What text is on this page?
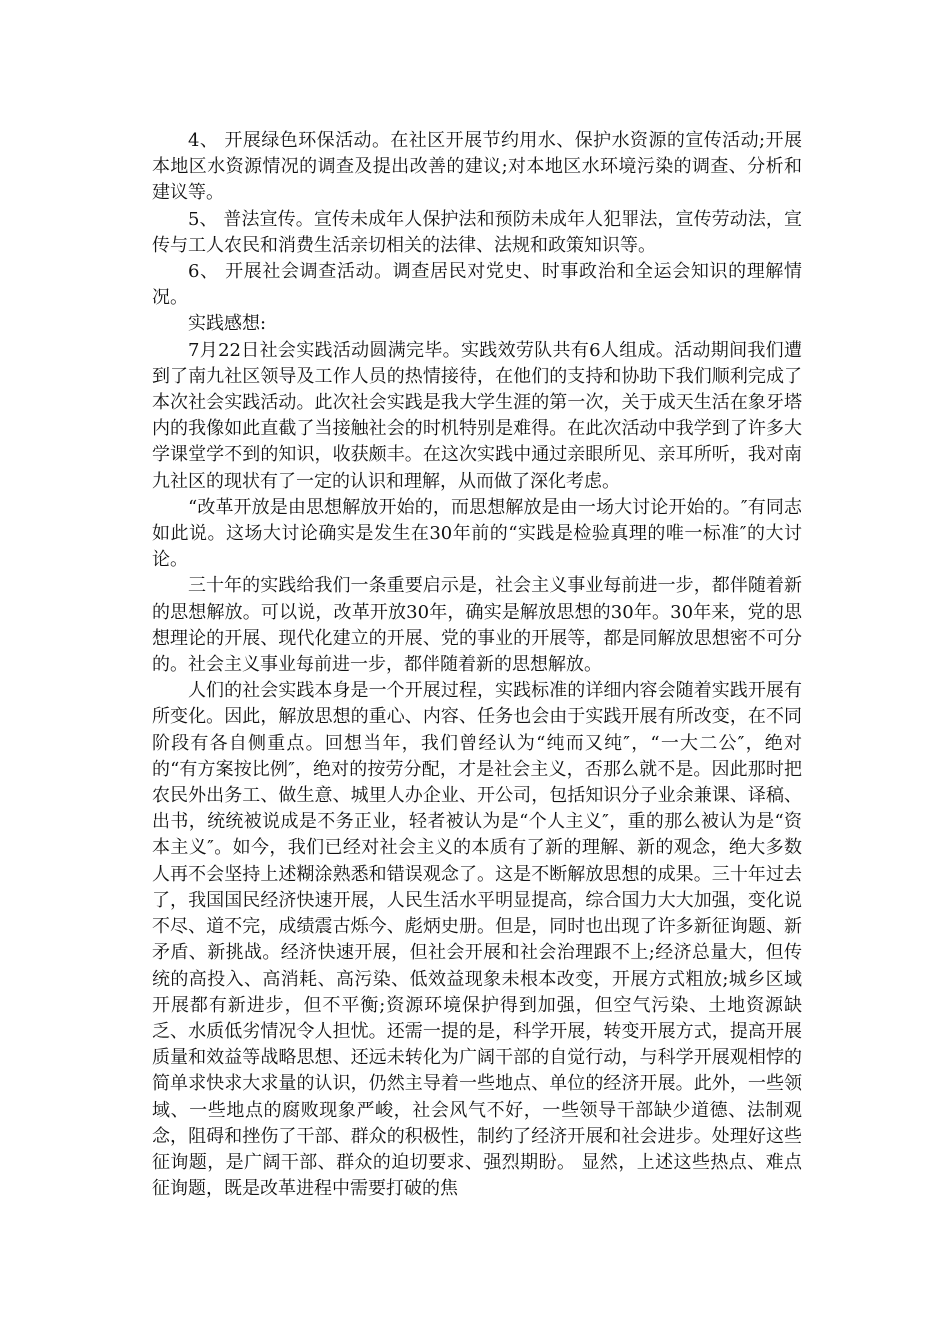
4、 开展绿色环保活动。在社区开展节约用水、保护水资源的宣传活动;开展本地区水资源情况的调查及提出改善的建议;对本地区水环境污染的调查、分析和建议等。

5、 普法宣传。宣传未成年人保护法和预防未成年人犯罪法，宣传劳动法，宣传与工人农民和消费生活亲切相关的法律、法规和政策知识等。

6、 开展社会调查活动。调查居民对党史、时事政治和全运会知识的理解情况。

实践感想:

7月22日社会实践活动圆满完毕。实践效劳队共有6人组成。活动期间我们遭到了南九社区领导及工作人员的热情接待，在他们的支持和协助下我们顺利完成了本次社会实践活动。此次社会实践是我大学生涯的第一次，关于成天生活在象牙塔内的我像如此直截了当接触社会的时机特别是难得。在此次活动中我学到了许多大学课堂学不到的知识，收获颇丰。在这次实践中通过亲眼所见、亲耳所听，我对南九社区的现状有了一定的认识和理解，从而做了深化考虑。

“改革开放是由思想解放开始的，而思想解放是由一场大讨论开始的。″有同志如此说。这场大讨论确实是发生在30年前的“实践是检验真理的唯一标准″的大讨论。

三十年的实践给我们一条重要启示是，社会主义事业每前进一步，都伴随着新的思想解放。可以说，改革开放30年，确实是解放思想的30年。30年来，党的思想理论的开展、现代化建立的开展、党的事业的开展等，都是同解放思想密不可分的。社会主义事业每前进一步，都伴随着新的思想解放。

人们的社会实践本身是一个开展过程，实践标准的详细内容会随着实践开展有所变化。因此，解放思想的重心、内容、任务也会由于实践开展有所改变，在不同阶段有各自侧重点。回想当年，我们曾经认为“纯而又纯″，“一大二公″，绝对的“有方案按比例″，绝对的按劳分配，才是社会主义，否那么就不是。因此那时把农民外出务工、做生意、城里人办企业、开公司，包括知识分子业余兼课、译稿、出书，统统被说成是不务正业，轻者被认为是“个人主义″，重的那么被认为是“资本主义″。如今，我们已经对社会主义的本质有了新的理解、新的观念，绝大多数人再不会坚持上述糊涂熟悉和错误观念了。这是不断解放思想的成果。三十年过去了，我国国民经济快速开展，人民生活水平明显提高，综合国力大大加强，变化说不尽、道不完，成绩震古烁今、彪炳史册。但是，同时也出现了许多新征询题、新矛盾、新挑战。经济快速开展，但社会开展和社会治理跟不上;经济总量大，但传统的高投入、高消耗、高污染、低效益现象未根本改变，开展方式粗放;城乡区域开展都有新进步，但不平衡;资源环境保护得到加强，但空气污染、土地资源缺乏、水质低劣情况令人担忧。还需一提的是，科学开展，转变开展方式，提高开展质量和效益等战略思想、还远未转化为广阔干部的自觉行动，与科学开展观相悖的简单求快求大求量的认识，仍然主导着一些地点、单位的经济开展。此外，一些领域、一些地点的腐败现象严峻，社会风气不好，一些领导干部缺少道德、法制观念，阻碍和挫伤了干部、群众的积极性，制约了经济开展和社会进步。处理好这些征询题，是广阔干部、群众的迫切要求、强烈期盼。 显然，上述这些热点、难点征询题，既是改革进程中需要打破的焦
